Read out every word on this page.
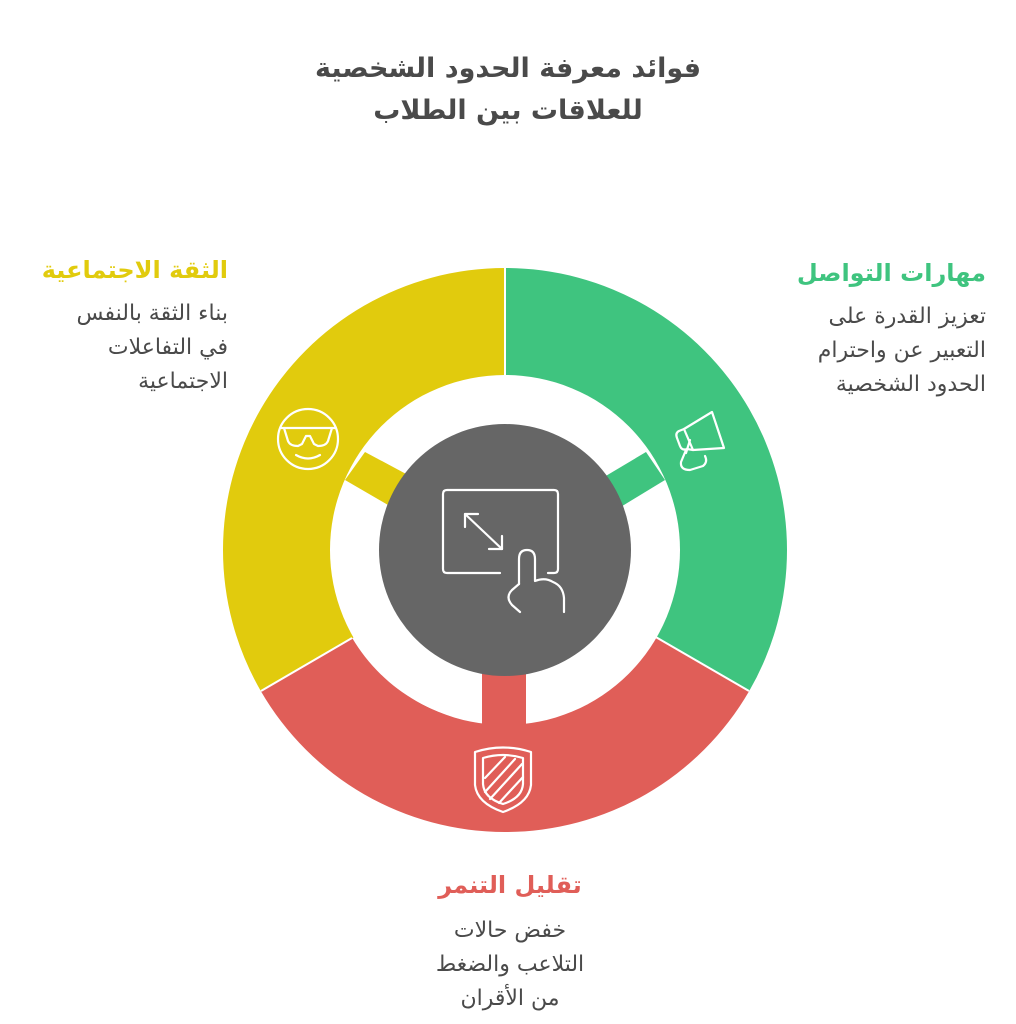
فوائد معرفة الحدود الشخصية
للعلاقات بين الطلاب
مهارات التواصل

تعزيز القدرة على

التعبير عن واحترام

الحدود الشخصية

الثقة الاجتماعية

بناء الثقة بالنفس

في التفاعلات

الاجتماعية

تقليل التنمر

خفض حالات

التلاعب والضغط

من الأقران
